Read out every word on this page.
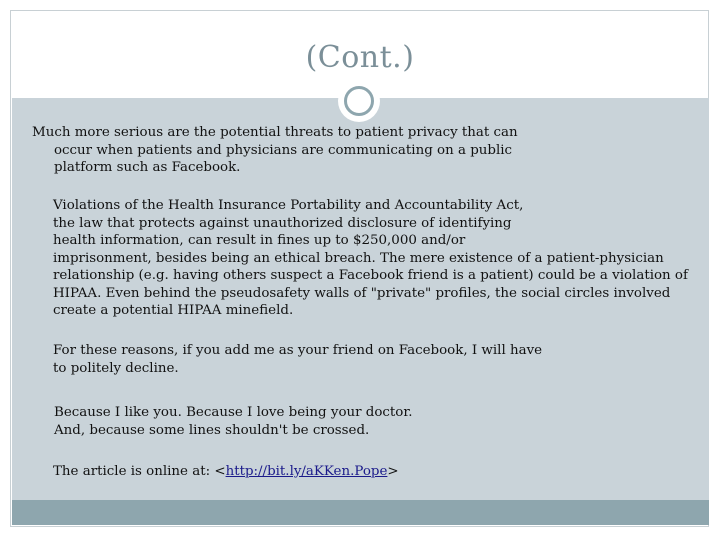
(Cont.)

Much more serious are the potential threats to patient privacy that can
occur when patients and physicians are communicating on a public
platform such as Facebook.

Violations of the Health Insurance Portability and Accountability Act,
the law that protects against unauthorized disclosure of identifying
health information, can result in fines up to $250,000 and/or
imprisonment, besides being an ethical breach. The mere existence of a patient-physician
relationship (e.g. having others suspect a Facebook friend is a patient) could be a violation of
HIPAA. Even behind the pseudosafety walls of "private" profiles, the social circles involved
create a potential HIPAA minefield.

For these reasons, if you add me as your friend on Facebook, I will have
to politely decline.

Because I like you. Because I love being your doctor.
And, because some lines shouldn't be crossed.

The article is online at: <http://bit.ly/aKKen.Pope>
